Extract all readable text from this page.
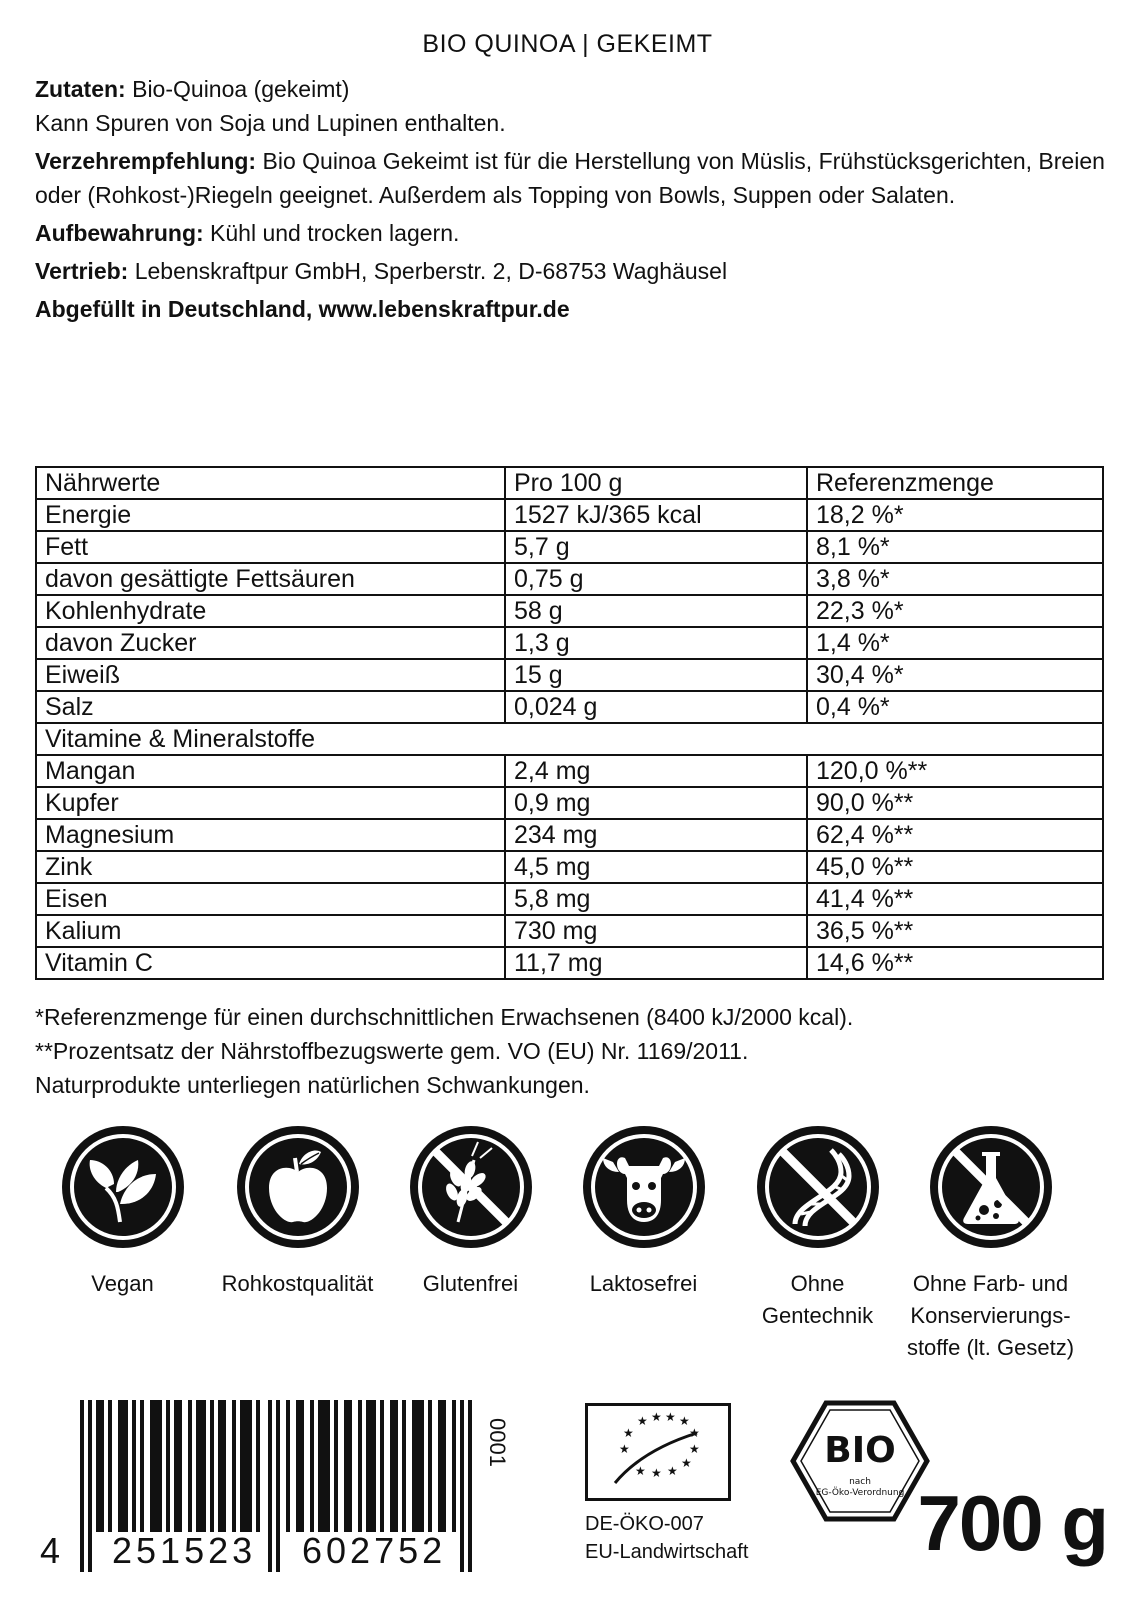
BIO QUINOA | GEKEIMT

Zutaten: Bio-Quinoa (gekeimt)

Kann Spuren von Soja und Lupinen enthalten.

Verzehrempfehlung: Bio Quinoa Gekeimt ist für die Herstellung von Müslis, Frühstücksgerichten, Breien oder (Rohkost-)Riegeln geeignet. Außerdem als Topping von Bowls, Suppen oder Salaten.

Aufbewahrung: Kühl und trocken lagern.

Vertrieb: Lebenskraftpur GmbH, Sperberstr. 2, D-68753 Waghäusel

Abgefüllt in Deutschland, www.lebenskraftpur.de

Nährwerte	Pro 100 g	Referenzmenge
Energie	1527 kJ/365 kcal	18,2 %*
Fett	5,7 g	8,1 %*
davon gesättigte Fettsäuren	0,75 g	3,8 %*
Kohlenhydrate	58 g	22,3 %*
davon Zucker	1,3 g	1,4 %*
Eiweiß	15 g	30,4 %*
Salz	0,024 g	0,4 %*
Vitamine & Mineralstoffe		
Mangan	2,4 mg	120,0 %**
Kupfer	0,9 mg	90,0 %**
Magnesium	234 mg	62,4 %**
Zink	4,5 mg	45,0 %**
Eisen	5,8 mg	41,4 %**
Kalium	730 mg	36,5 %**
Vitamin C	11,7 mg	14,6 %**

*Referenzmenge für einen durchschnittlichen Erwachsenen (8400 kJ/2000 kcal).

**Prozentsatz der Nährstoffbezugswerte gem. VO (EU) Nr. 1169/2011.

Naturprodukte unterliegen natürlichen Schwankungen.

Vegan	Rohkostqualität	Glutenfrei	Laktosefrei	Ohne
Gentechnik
Ohne Farb- und
Konservierungs-
stoffe (lt. Gesetz)
4 251523 602752
0001	★ ★ ★ ★
★
★
★
★
★
★
★
★
DE-ÖKO-007
EU-Landwirtschaft
BIO
nach
EG-Öko-Verordnung 700 g
